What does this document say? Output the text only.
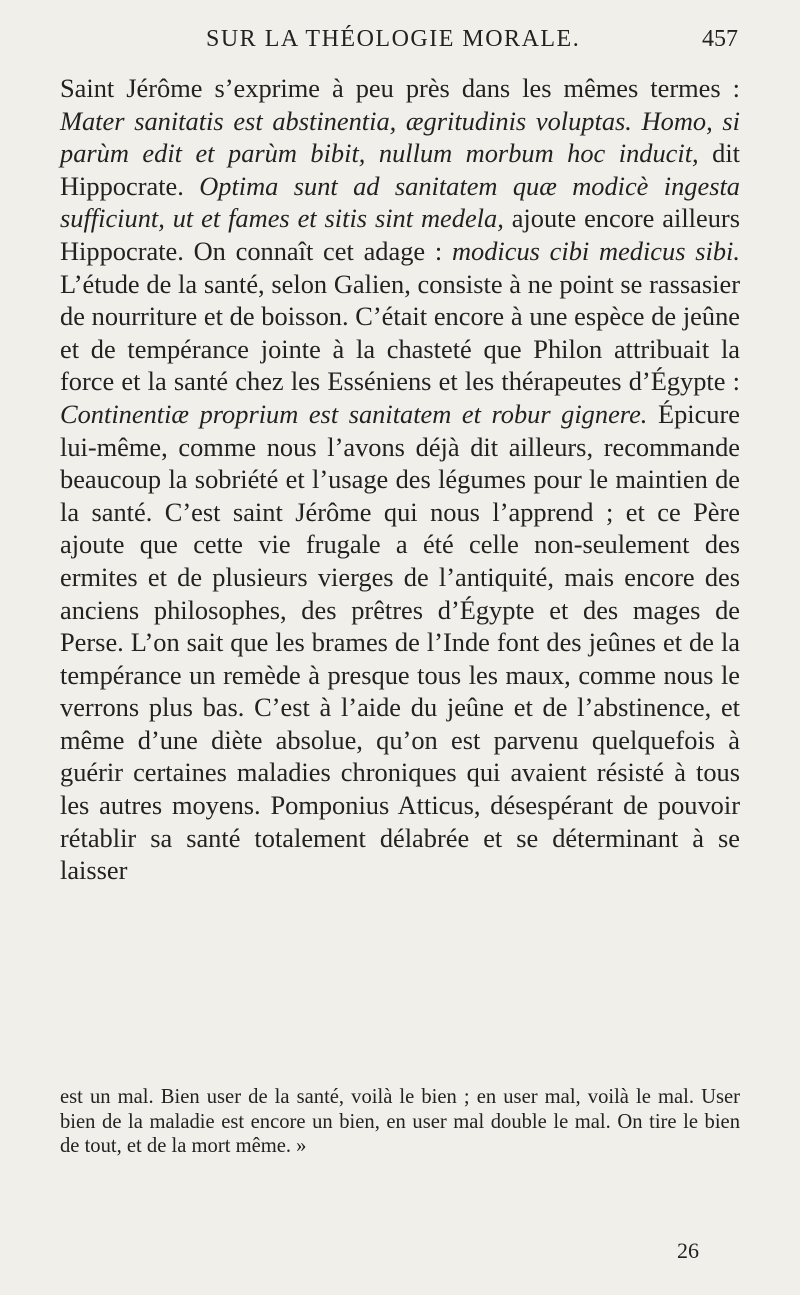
SUR LA THÉOLOGIE MORALE.	457

Saint Jérôme s’exprime à peu près dans les mêmes termes : Mater sanitatis est abstinentia, ægritudinis voluptas. Homo, si parùm edit et parùm bibit, nullum morbum hoc inducit, dit Hippocrate. Optima sunt ad sanitatem quæ modicè ingesta sufficiunt, ut et fames et sitis sint medela, ajoute encore ailleurs Hippocrate. On connaît cet adage : modicus cibi medicus sibi. L’étude de la santé, selon Galien, consiste à ne point se rassasier de nourriture et de boisson. C’était encore à une espèce de jeûne et de tempérance jointe à la chasteté que Philon attribuait la force et la santé chez les Esséniens et les thérapeutes d’Égypte : Continentiæ proprium est sanitatem et robur gignere. Épicure lui-même, comme nous l’avons déjà dit ailleurs, recommande beaucoup la sobriété et l’usage des légumes pour le maintien de la santé. C’est saint Jérôme qui nous l’apprend ; et ce Père ajoute que cette vie frugale a été celle non-seulement des ermites et de plusieurs vierges de l’antiquité, mais encore des anciens philosophes, des prêtres d’Égypte et des mages de Perse. L’on sait que les brames de l’Inde font des jeûnes et de la tempérance un remède à presque tous les maux, comme nous le verrons plus bas. C’est à l’aide du jeûne et de l’abstinence, et même d’une diète absolue, qu’on est parvenu quelquefois à guérir certaines maladies chroniques qui avaient résisté à tous les autres moyens. Pomponius Atticus, désespérant de pouvoir rétablir sa santé totalement délabrée et se déterminant à se laisser

est un mal. Bien user de la santé, voilà le bien ; en user mal, voilà le mal. User bien de la maladie est encore un bien, en user mal double le mal. On tire le bien de tout, et de la mort même. »

26
